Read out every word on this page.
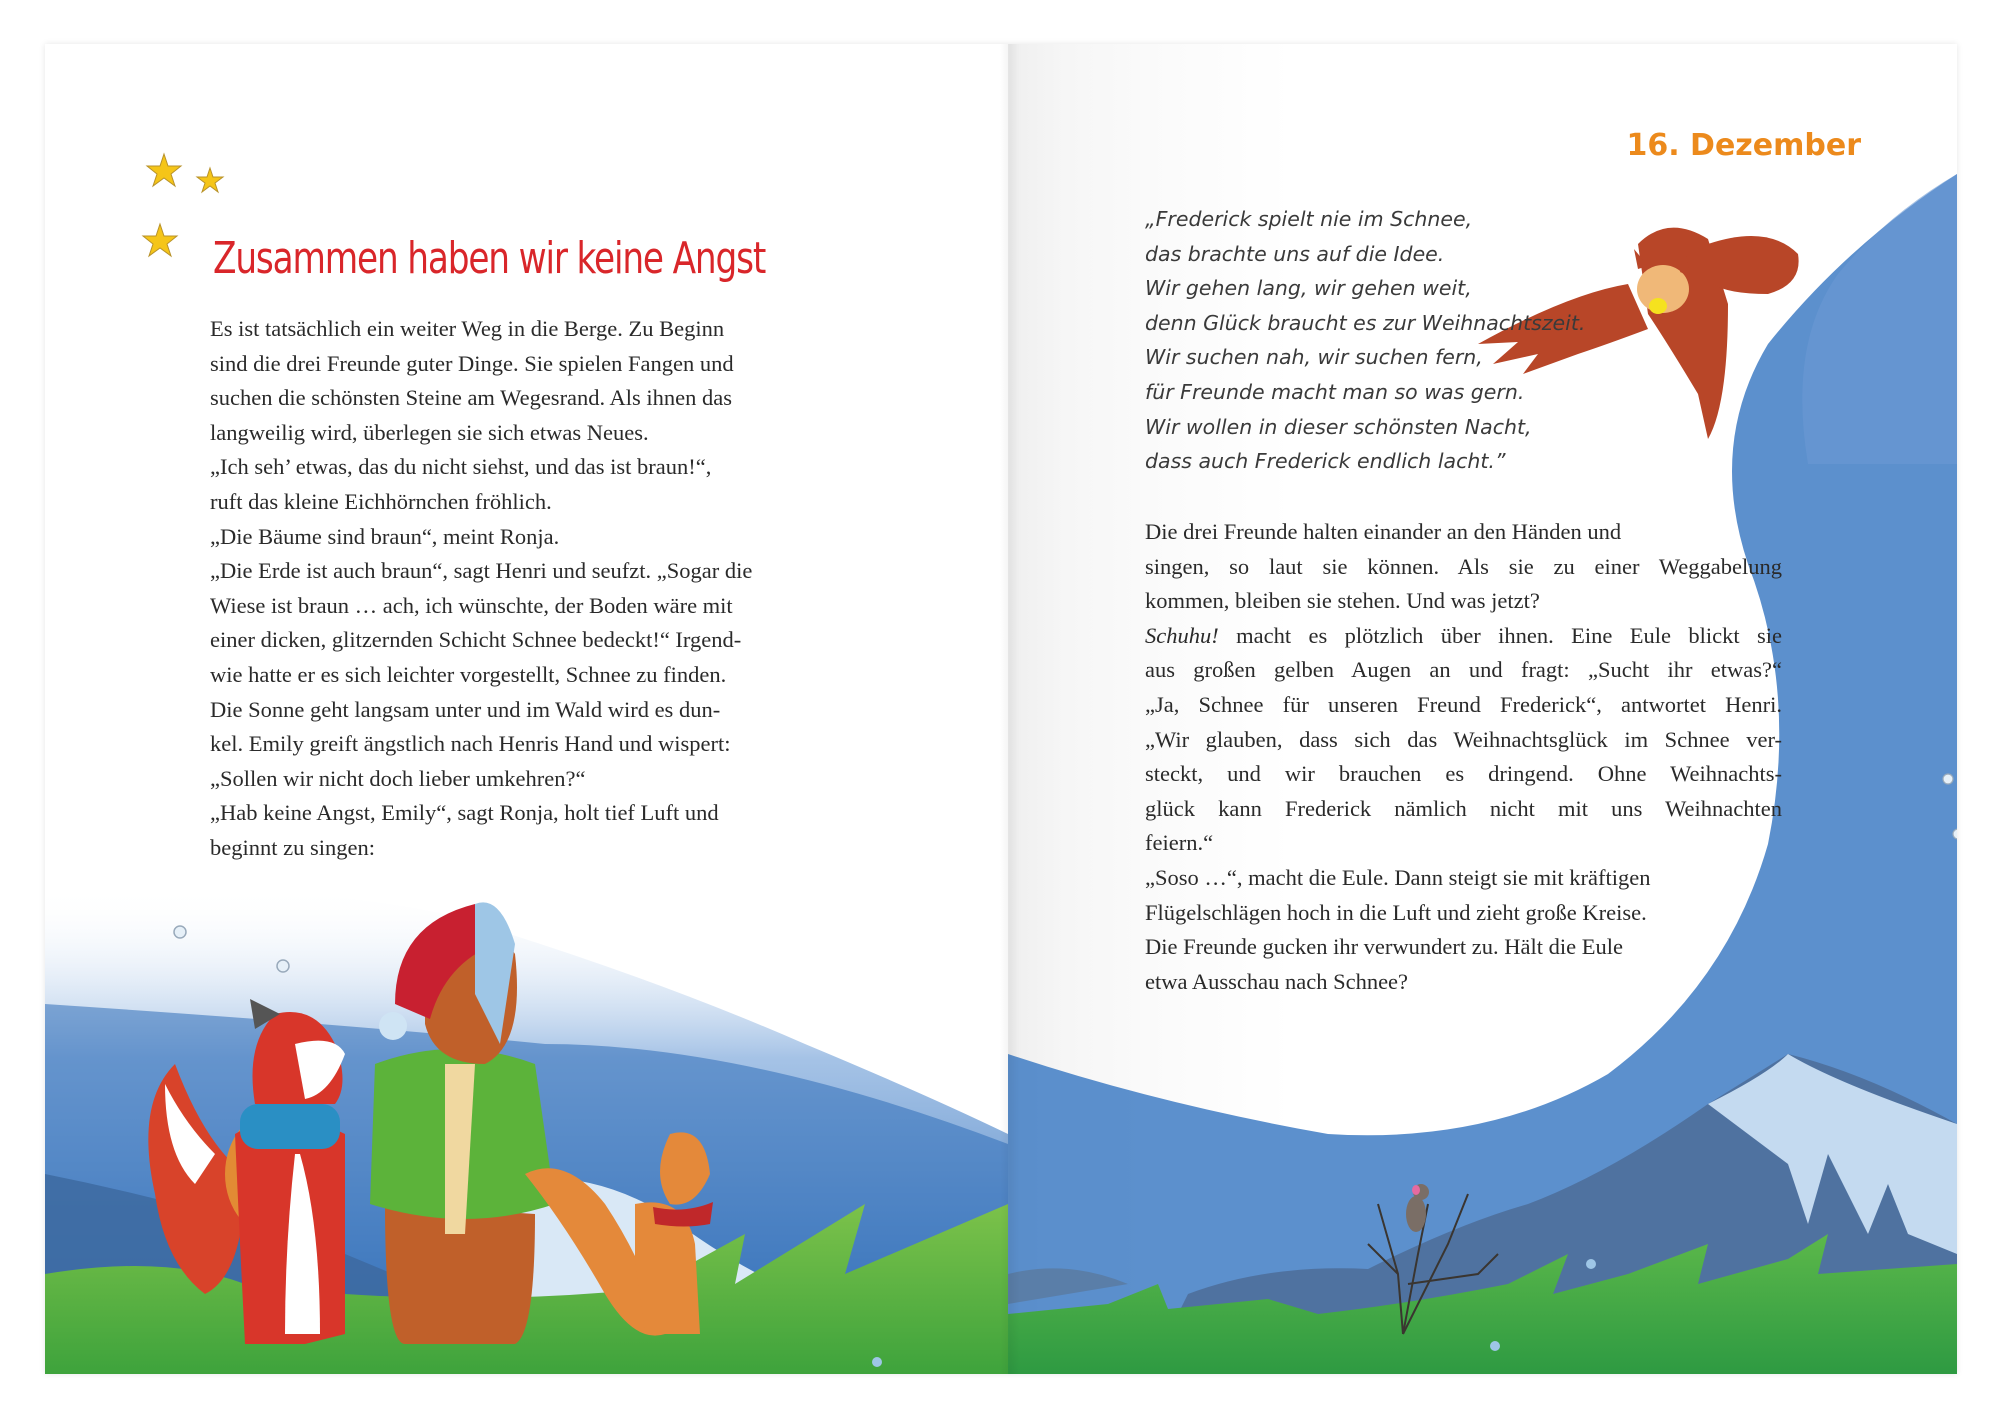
Zusammen haben wir keine Angst
Es ist tatsächlich ein weiter Weg in die Berge. Zu Beginn
sind die drei Freunde guter Dinge. Sie spielen Fangen und
suchen die schönsten Steine am Wegesrand. Als ihnen das
langweilig wird, überlegen sie sich etwas Neues.
„Ich seh’ etwas, das du nicht siehst, und das ist braun!“,
ruft das kleine Eichhörnchen fröhlich.
„Die Bäume sind braun“, meint Ronja.
„Die Erde ist auch braun“, sagt Henri und seufzt. „Sogar die
Wiese ist braun … ach, ich wünschte, der Boden wäre mit
einer dicken, glitzernden Schicht Schnee bedeckt!“ Irgend-
wie hatte er es sich leichter vorgestellt, Schnee zu finden.
Die Sonne geht langsam unter und im Wald wird es dun-
kel. Emily greift ängstlich nach Henris Hand und wispert:
„Sollen wir nicht doch lieber umkehren?“
„Hab keine Angst, Emily“, sagt Ronja, holt tief Luft und
beginnt zu singen:
16. Dezember
„Frederick spielt nie im Schnee,
das brachte uns auf die Idee.
Wir gehen lang, wir gehen weit,
denn Glück braucht es zur Weihnachtszeit.
Wir suchen nah, wir suchen fern,
für Freunde macht man so was gern.
Wir wollen in dieser schönsten Nacht,
dass auch Frederick endlich lacht.”
Die drei Freunde halten einander an den Händen und
singen, so laut sie können. Als sie zu einer Weggabelung
kommen, bleiben sie stehen. Und was jetzt?
Schuhu! macht es plötzlich über ihnen. Eine Eule blickt sie
aus großen gelben Augen an und fragt: „Sucht ihr etwas?“
„Ja, Schnee für unseren Freund Frederick“, antwortet Henri.
„Wir glauben, dass sich das Weihnachtsglück im Schnee ver-
steckt, und wir brauchen es dringend. Ohne Weihnachts-
glück kann Frederick nämlich nicht mit uns Weihnachten
feiern.“
„Soso …“, macht die Eule. Dann steigt sie mit kräftigen
Flügelschlägen hoch in die Luft und zieht große Kreise.
Die Freunde gucken ihr verwundert zu. Hält die Eule
etwa Ausschau nach Schnee?
